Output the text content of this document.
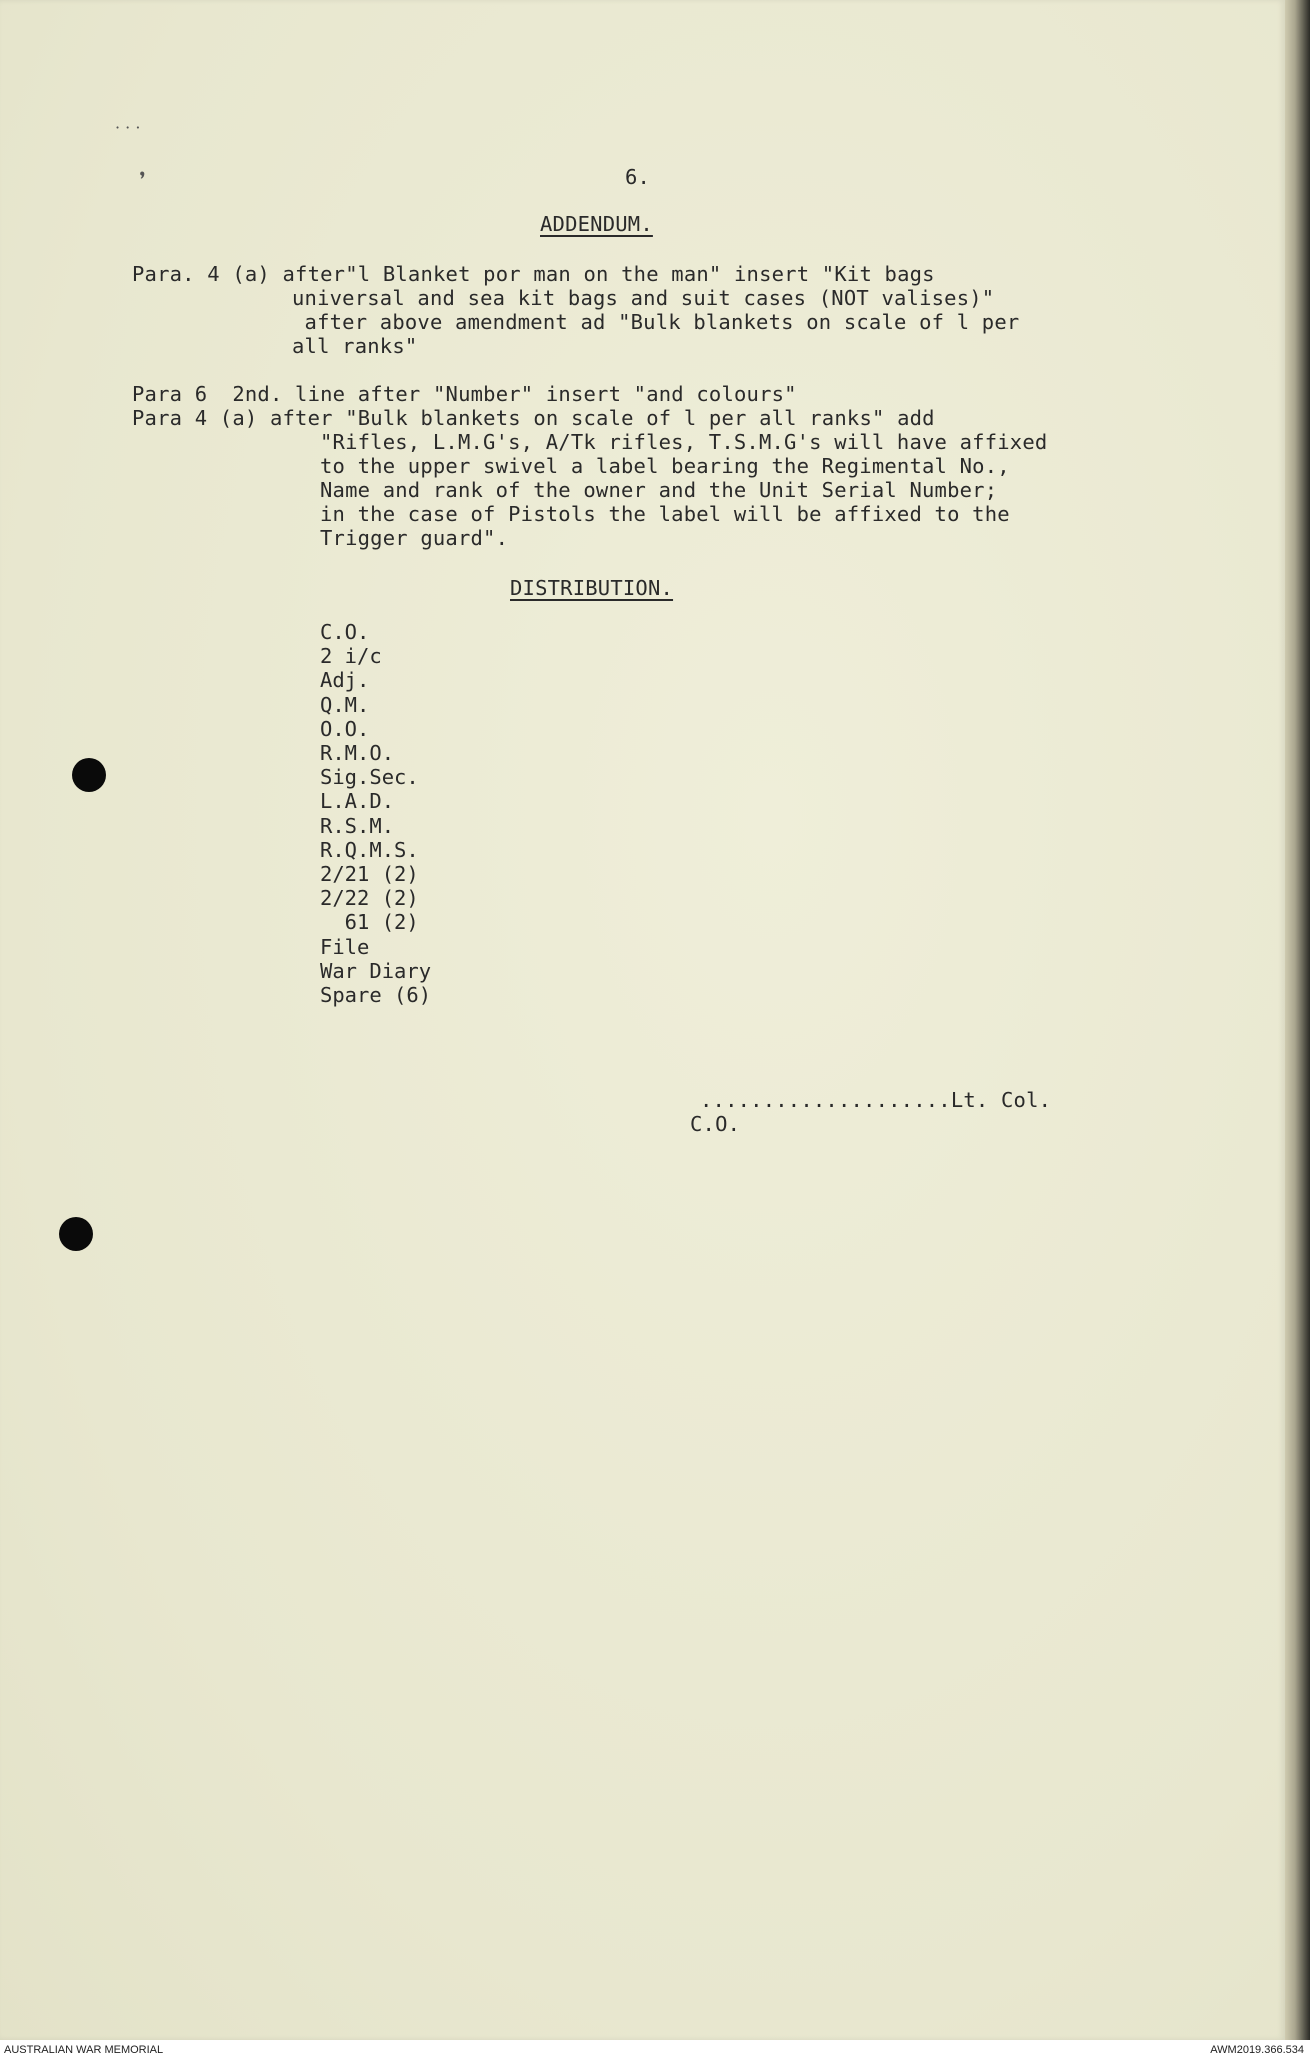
· · ·
6.
ADDENDUM.
Para. 4 (a) after"l Blanket por man on the man" insert "Kit bags
universal and sea kit bags and suit cases (NOT valises)"
after above amendment ad "Bulk blankets on scale of l per
all ranks"
Para 6  2nd. line after "Number" insert "and colours"
Para 4 (a) after "Bulk blankets on scale of l per all ranks" add
"Rifles, L.M.G's, A/Tk rifles, T.S.M.G's will have affixed
to the upper swivel a label bearing the Regimental No.,
Name and rank of the owner and the Unit Serial Number;
in the case of Pistols the label will be affixed to the
Trigger guard".
DISTRIBUTION.
C.O.
2 i/c
Adj.
Q.M.
O.O.
R.M.O.
Sig.Sec.
L.A.D.
R.S.M.
R.Q.M.S.
2/21 (2)
2/22 (2)
61 (2)
File
War Diary
Spare (6)
....................Lt. Col.
C.O.
AUSTRALIAN WAR MEMORIAL	AWM2019.366.534
